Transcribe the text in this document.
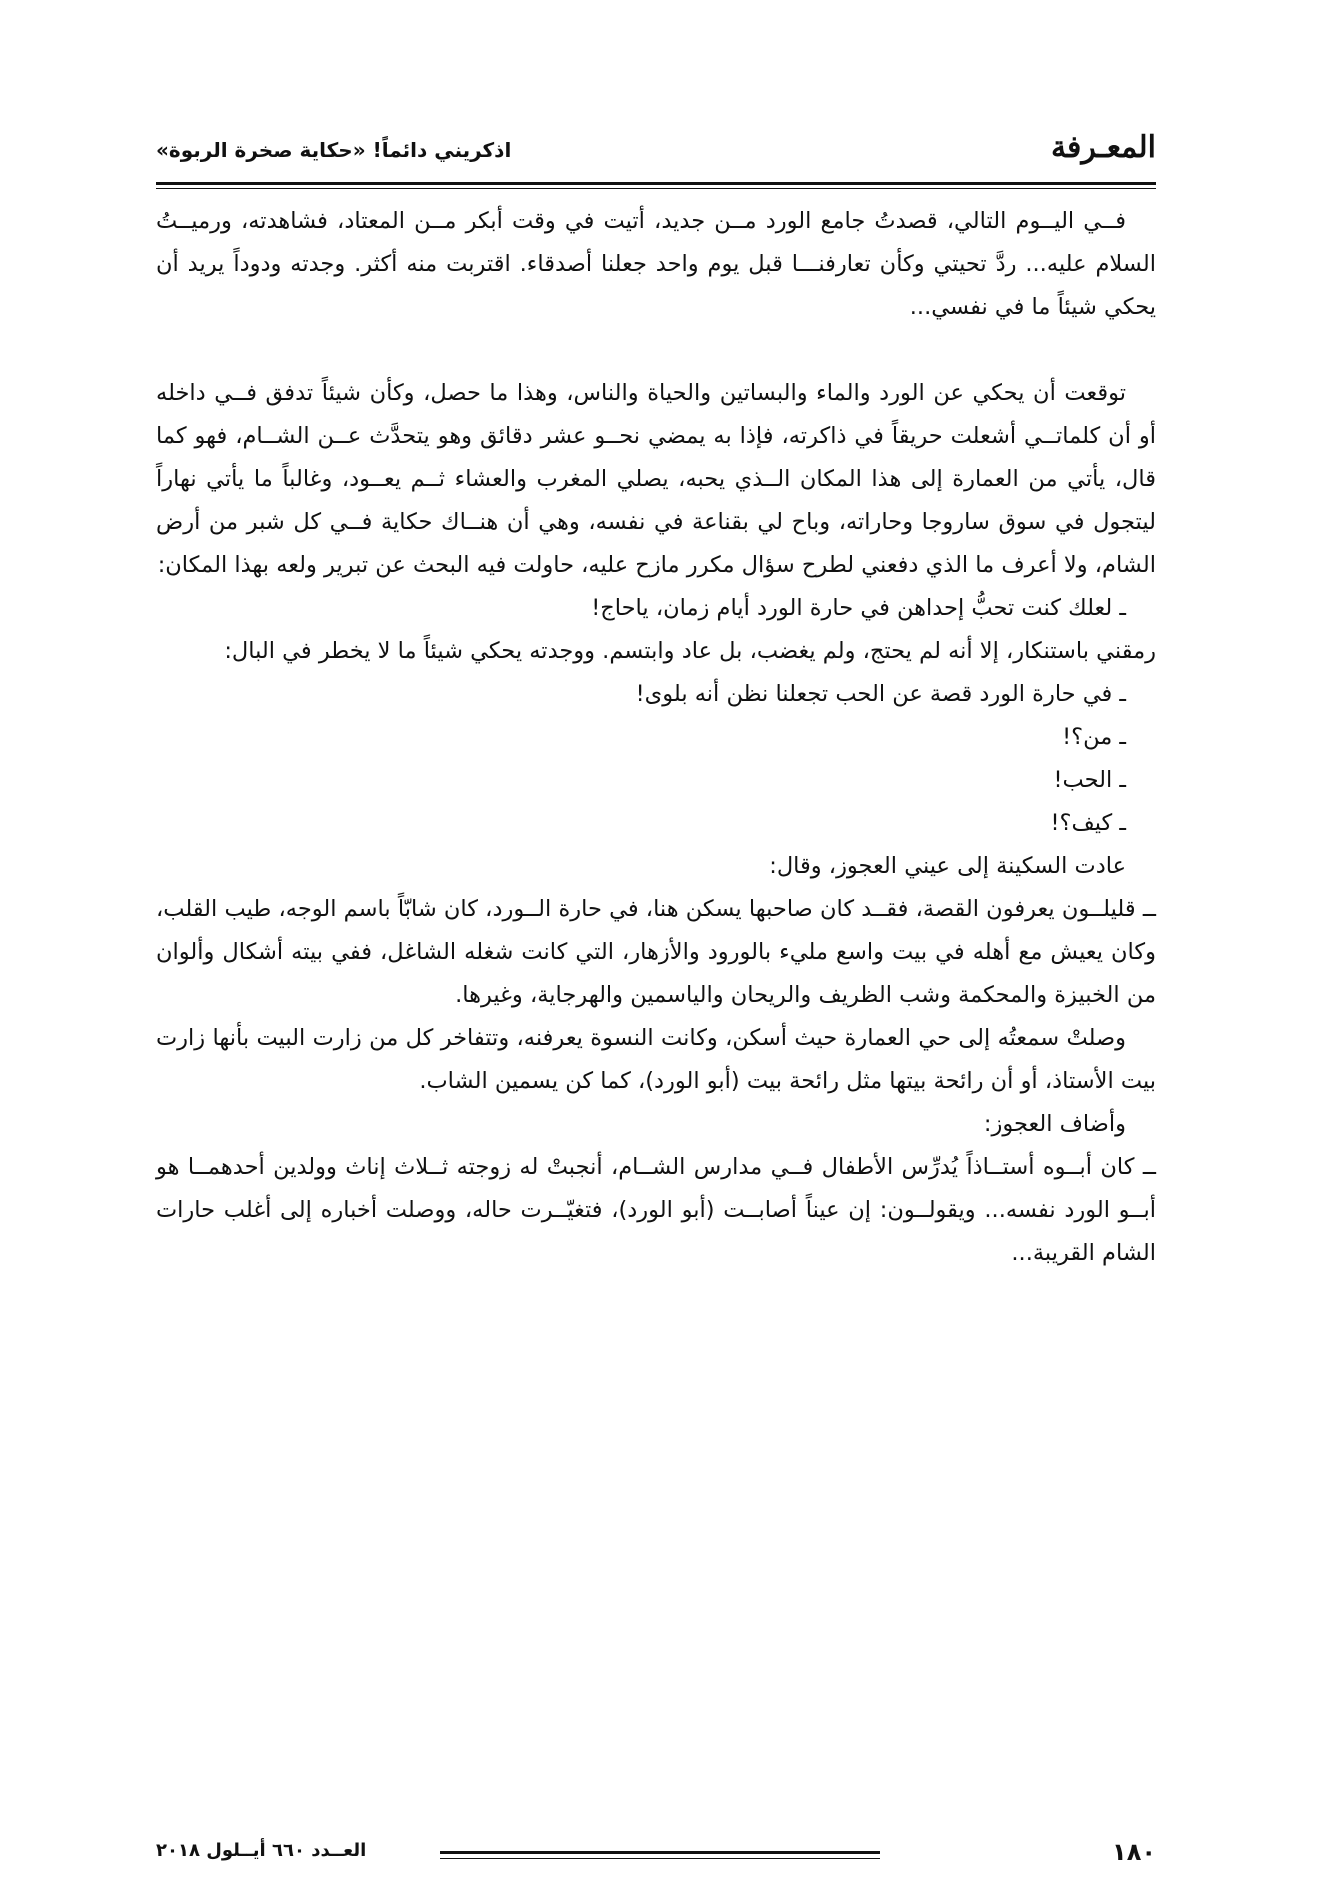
المعـرفة
اذكريني دائماً! «حكاية صخرة الربوة»

فــي اليــوم التالي، قصدتُ جامع الورد مــن جديد، أتيت في وقت أبكر مــن المعتاد، فشاهدته، ورميــتُ السلام عليه... ردَّ تحيتي وكأن تعارفنـــا قبل يوم واحد جعلنا أصدقاء. اقتربت منه أكثر. وجدته ودوداً يريد أن يحكي شيئاً ما في نفسي...

توقعت أن يحكي عن الورد والماء والبساتين والحياة والناس، وهذا ما حصل، وكأن شيئاً تدفق فــي داخله أو أن كلماتــي أشعلت حريقاً في ذاكرته، فإذا به يمضي نحــو عشر دقائق وهو يتحدَّث عــن الشــام، فهو كما قال، يأتي من العمارة إلى هذا المكان الــذي يحبه، يصلي المغرب والعشاء ثــم يعــود، وغالباً ما يأتي نهاراً ليتجول في سوق ساروجا وحاراته، وباح لي بقناعة في نفسه، وهي أن هنــاك حكاية فــي كل شبر من أرض الشام، ولا أعرف ما الذي دفعني لطرح سؤال مكرر مازح عليه، حاولت فيه البحث عن تبرير ولعه بهذا المكان:

ـ لعلك كنت تحبُّ إحداهن في حارة الورد أيام زمان، ياحاج!

رمقني باستنكار، إلا أنه لم يحتج، ولم يغضب، بل عاد وابتسم. ووجدته يحكي شيئاً ما لا يخطر في البال:

ـ في حارة الورد قصة عن الحب تجعلنا نظن أنه بلوى!

ـ من؟!

ـ الحب!

ـ كيف؟!

عادت السكينة إلى عيني العجوز، وقال:

ــ قليلــون يعرفون القصة، فقــد كان صاحبها يسكن هنا، في حارة الــورد، كان شابّاً باسم الوجه، طيب القلب، وكان يعيش مع أهله في بيت واسع مليء بالورود والأزهار، التي كانت شغله الشاغل، ففي بيته أشكال وألوان من الخبيزة والمحكمة وشب الظريف والريحان والياسمين والهرجاية، وغيرها.

وصلتْ سمعتُه إلى حي العمارة حيث أسكن، وكانت النسوة يعرفنه، وتتفاخر كل من زارت البيت بأنها زارت بيت الأستاذ، أو أن رائحة بيتها مثل رائحة بيت (أبو الورد)، كما كن يسمين الشاب.

وأضاف العجوز:

ــ كان أبــوه أستــاذاً يُدرِّس الأطفال فــي مدارس الشــام، أنجبتْ له زوجته ثــلاث إناث وولدين أحدهمــا هو أبــو الورد نفسه... ويقولــون: إن عيناً أصابــت (أبو الورد)، فتغيّــرت حاله، ووصلت أخباره إلى أغلب حارات الشام القريبة...

١٨٠
العــدد ٦٦٠ أيــلول ٢٠١٨
